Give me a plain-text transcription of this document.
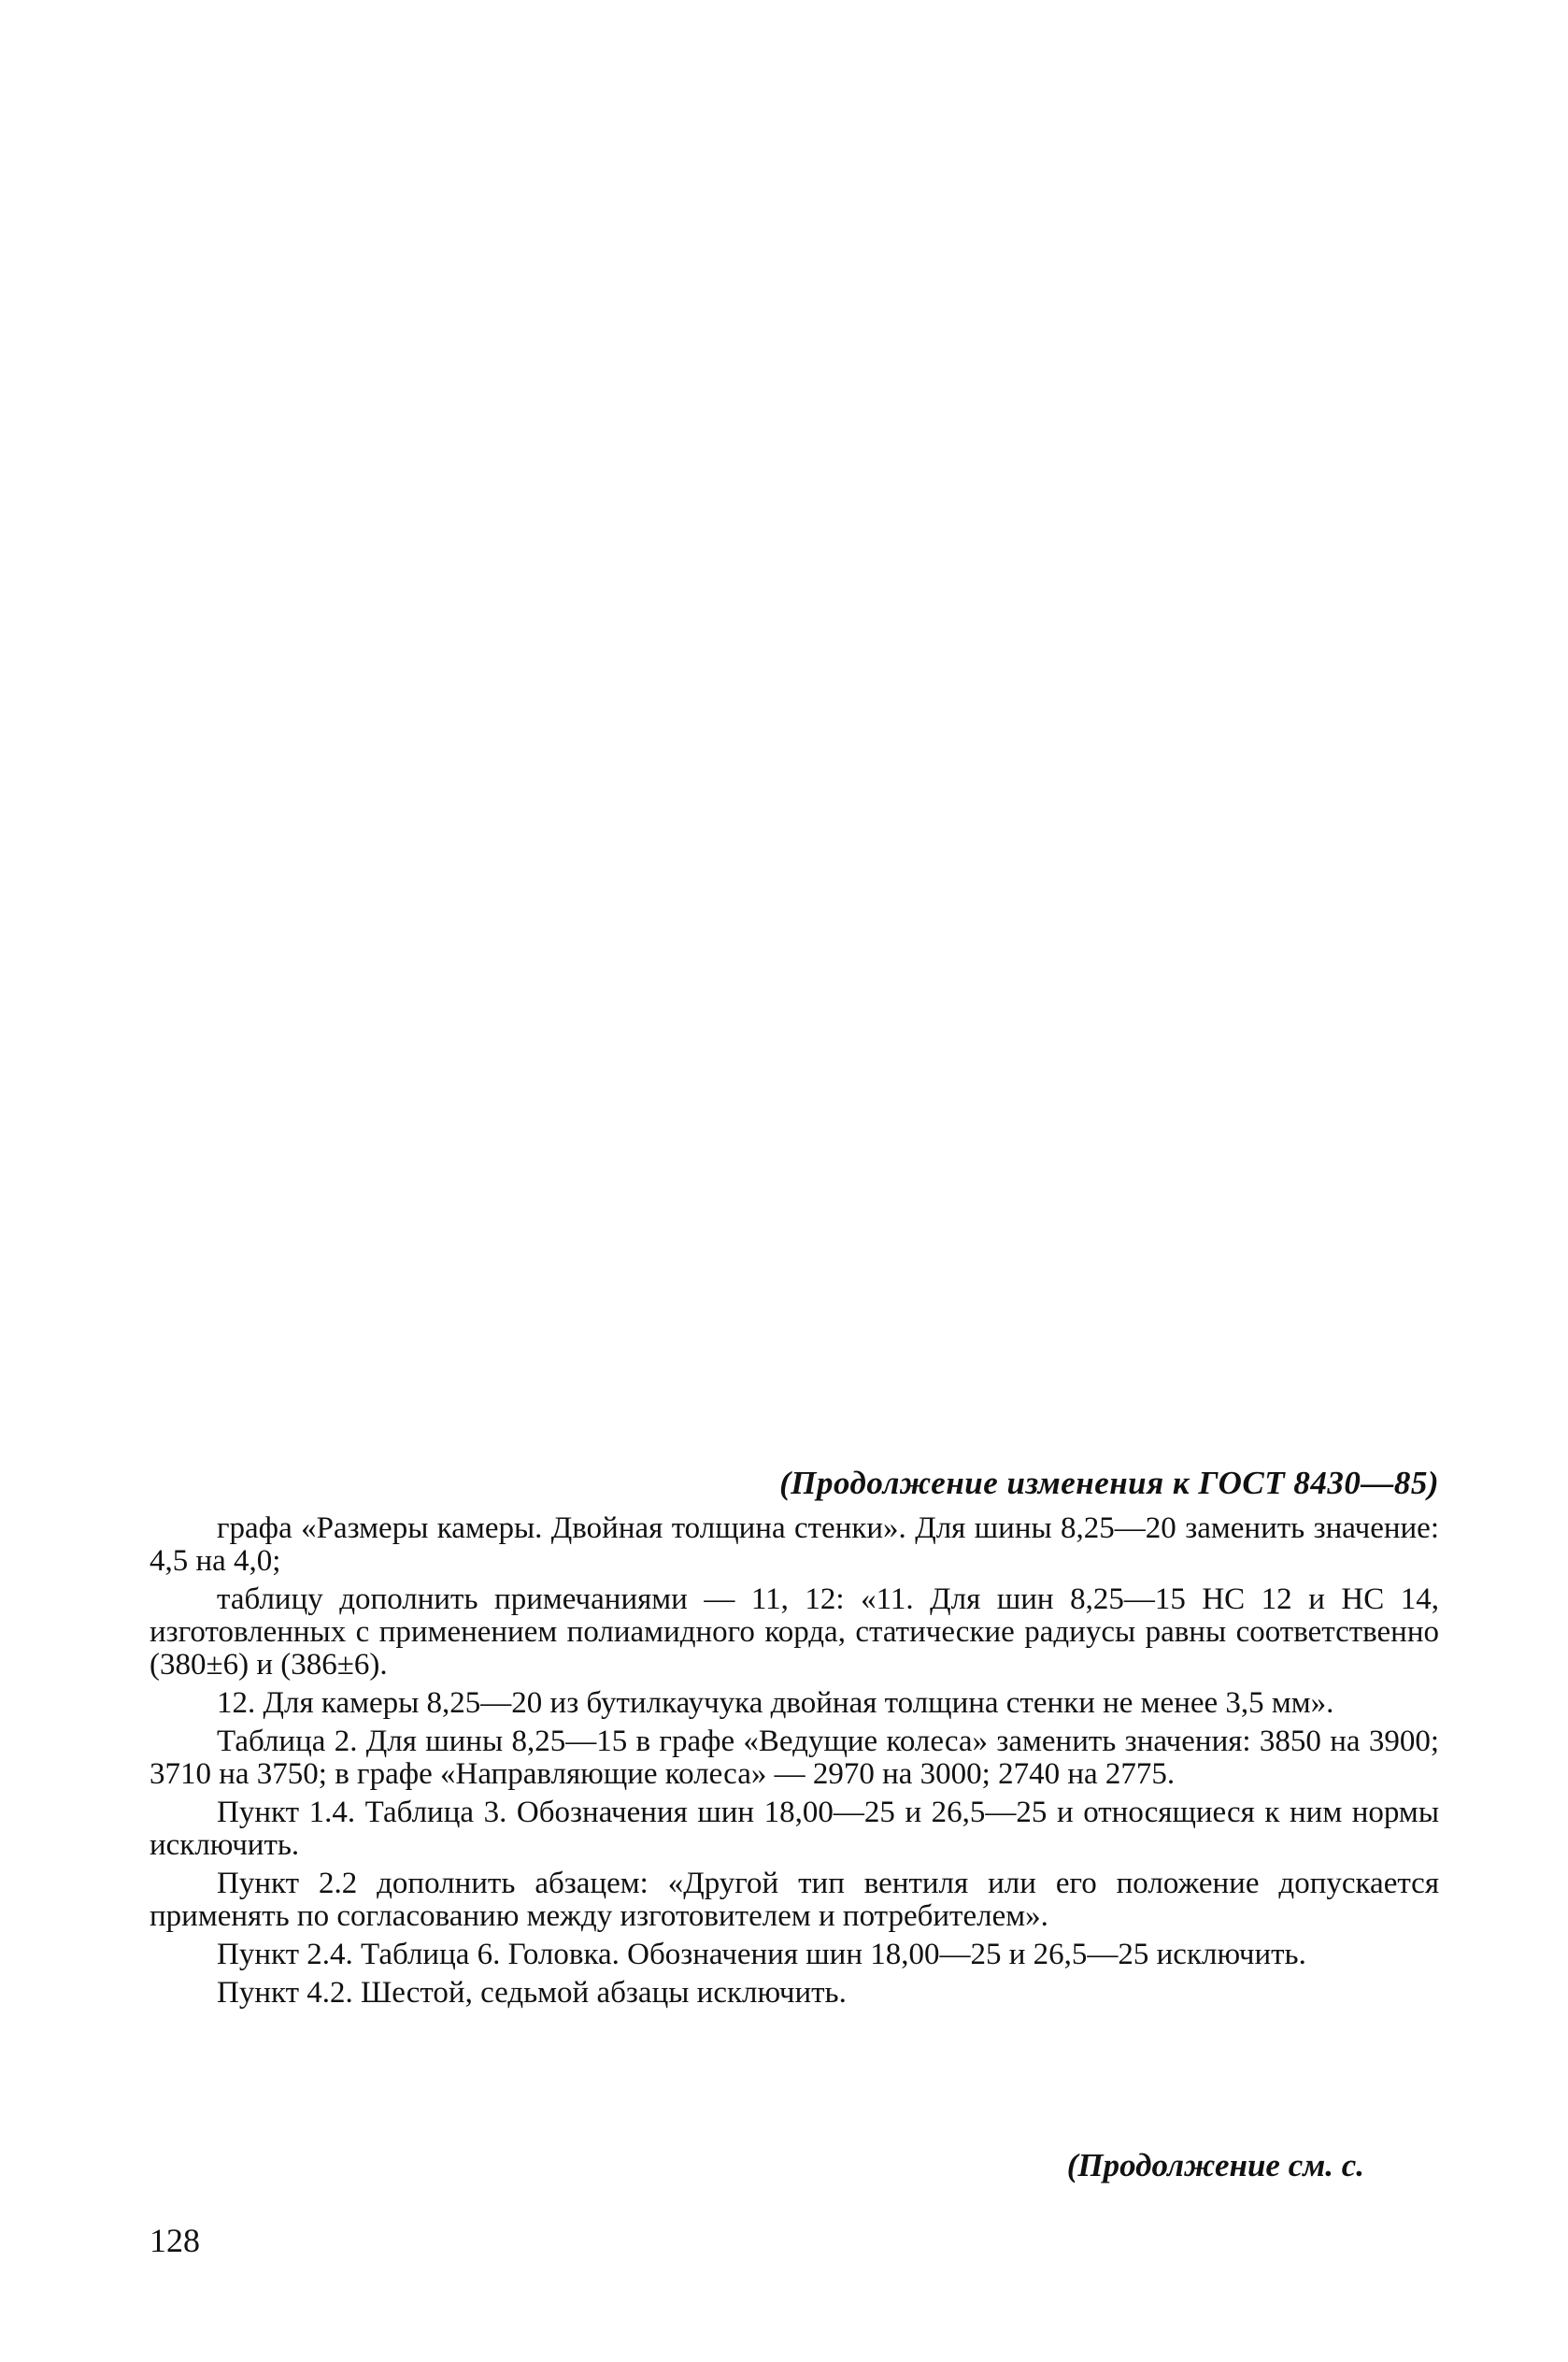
(Продолжение изменения к ГОСТ 8430—85)

графа «Размеры камеры. Двойная толщина стенки». Для шины 8,25—20 заменить значение: 4,5 на 4,0;

таблицу дополнить примечаниями — 11, 12: «11. Для шин 8,25—15 НС 12 и НС 14, изготовленных с применением полиамидного корда, статические радиусы равны соответственно (380±6) и (386±6).

12. Для камеры 8,25—20 из бутилкаучука двойная толщина стенки не менее 3,5 мм».

Таблица 2. Для шины 8,25—15 в графе «Ведущие колеса» заменить значения: 3850 на 3900; 3710 на 3750; в графе «Направляющие колеса» — 2970 на 3000; 2740 на 2775.

Пункт 1.4. Таблица 3. Обозначения шин 18,00—25 и 26,5—25 и относящиеся к ним нормы исключить.

Пункт 2.2 дополнить абзацем: «Другой тип вентиля или его положение допускается применять по согласованию между изготовителем и потребителем».

Пункт 2.4. Таблица 6. Головка. Обозначения шин 18,00—25 и 26,5—25 исключить.

Пункт 4.2. Шестой, седьмой абзацы исключить.

(Продолжение см. с.
128
